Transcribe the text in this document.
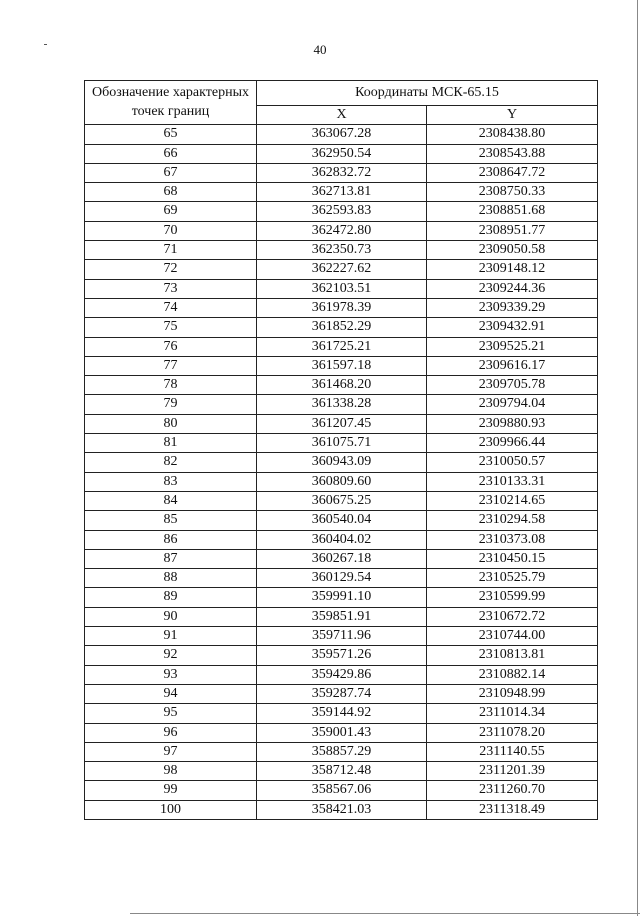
40
Обозначение характерных
точек границ	Координаты МСК-65.15	
	X	Y
65	363067.28	2308438.80
66	362950.54	2308543.88
67	362832.72	2308647.72
68	362713.81	2308750.33
69	362593.83	2308851.68
70	362472.80	2308951.77
71	362350.73	2309050.58
72	362227.62	2309148.12
73	362103.51	2309244.36
74	361978.39	2309339.29
75	361852.29	2309432.91
76	361725.21	2309525.21
77	361597.18	2309616.17
78	361468.20	2309705.78
79	361338.28	2309794.04
80	361207.45	2309880.93
81	361075.71	2309966.44
82	360943.09	2310050.57
83	360809.60	2310133.31
84	360675.25	2310214.65
85	360540.04	2310294.58
86	360404.02	2310373.08
87	360267.18	2310450.15
88	360129.54	2310525.79
89	359991.10	2310599.99
90	359851.91	2310672.72
91	359711.96	2310744.00
92	359571.26	2310813.81
93	359429.86	2310882.14
94	359287.74	2310948.99
95	359144.92	2311014.34
96	359001.43	2311078.20
97	358857.29	2311140.55
98	358712.48	2311201.39
99	358567.06	2311260.70
100	358421.03	2311318.49
